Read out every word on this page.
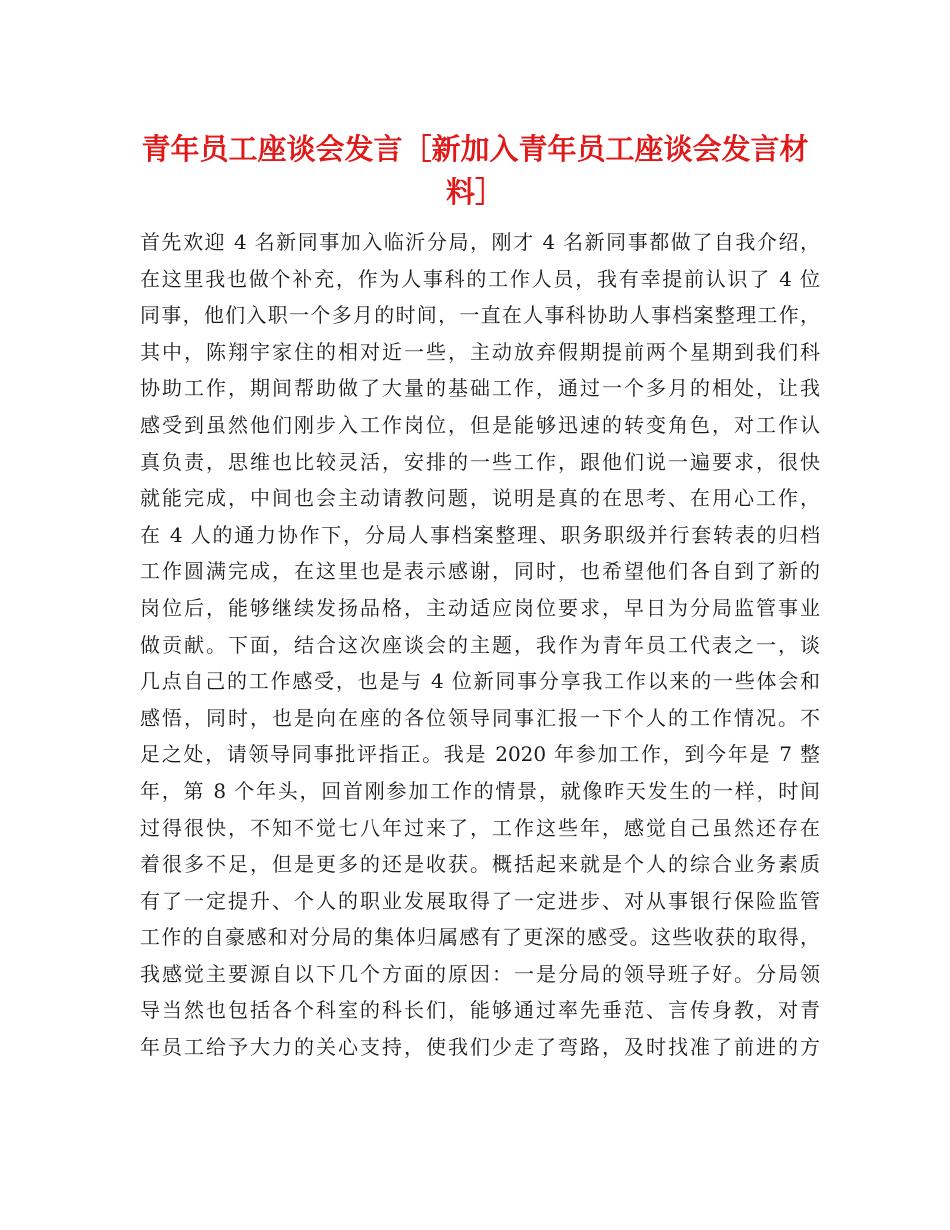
青年员工座谈会发言［新加入青年员工座谈会发言材料］
首先欢迎 4 名新同事加入临沂分局，刚才 4 名新同事都做了自我介绍，
在这里我也做个补充，作为人事科的工作人员，我有幸提前认识了 4 位
同事，他们入职一个多月的时间，一直在人事科协助人事档案整理工作，
其中，陈翔宇家住的相对近一些，主动放弃假期提前两个星期到我们科
协助工作，期间帮助做了大量的基础工作，通过一个多月的相处，让我
感受到虽然他们刚步入工作岗位，但是能够迅速的转变角色，对工作认
真负责，思维也比较灵活，安排的一些工作，跟他们说一遍要求，很快
就能完成，中间也会主动请教问题，说明是真的在思考、在用心工作，
在 4 人的通力协作下，分局人事档案整理、职务职级并行套转表的归档
工作圆满完成，在这里也是表示感谢，同时，也希望他们各自到了新的
岗位后，能够继续发扬品格，主动适应岗位要求，早日为分局监管事业
做贡献。下面，结合这次座谈会的主题，我作为青年员工代表之一，谈
几点自己的工作感受，也是与 4 位新同事分享我工作以来的一些体会和
感悟，同时，也是向在座的各位领导同事汇报一下个人的工作情况。不
足之处，请领导同事批评指正。我是 2020 年参加工作，到今年是 7 整
年，第 8 个年头，回首刚参加工作的情景，就像昨天发生的一样，时间
过得很快，不知不觉七八年过来了，工作这些年，感觉自己虽然还存在
着很多不足，但是更多的还是收获。概括起来就是个人的综合业务素质
有了一定提升、个人的职业发展取得了一定进步、对从事银行保险监管
工作的自豪感和对分局的集体归属感有了更深的感受。这些收获的取得，
我感觉主要源自以下几个方面的原因：一是分局的领导班子好。分局领
导当然也包括各个科室的科长们，能够通过率先垂范、言传身教，对青
年员工给予大力的关心支持，使我们少走了弯路，及时找准了前进的方
